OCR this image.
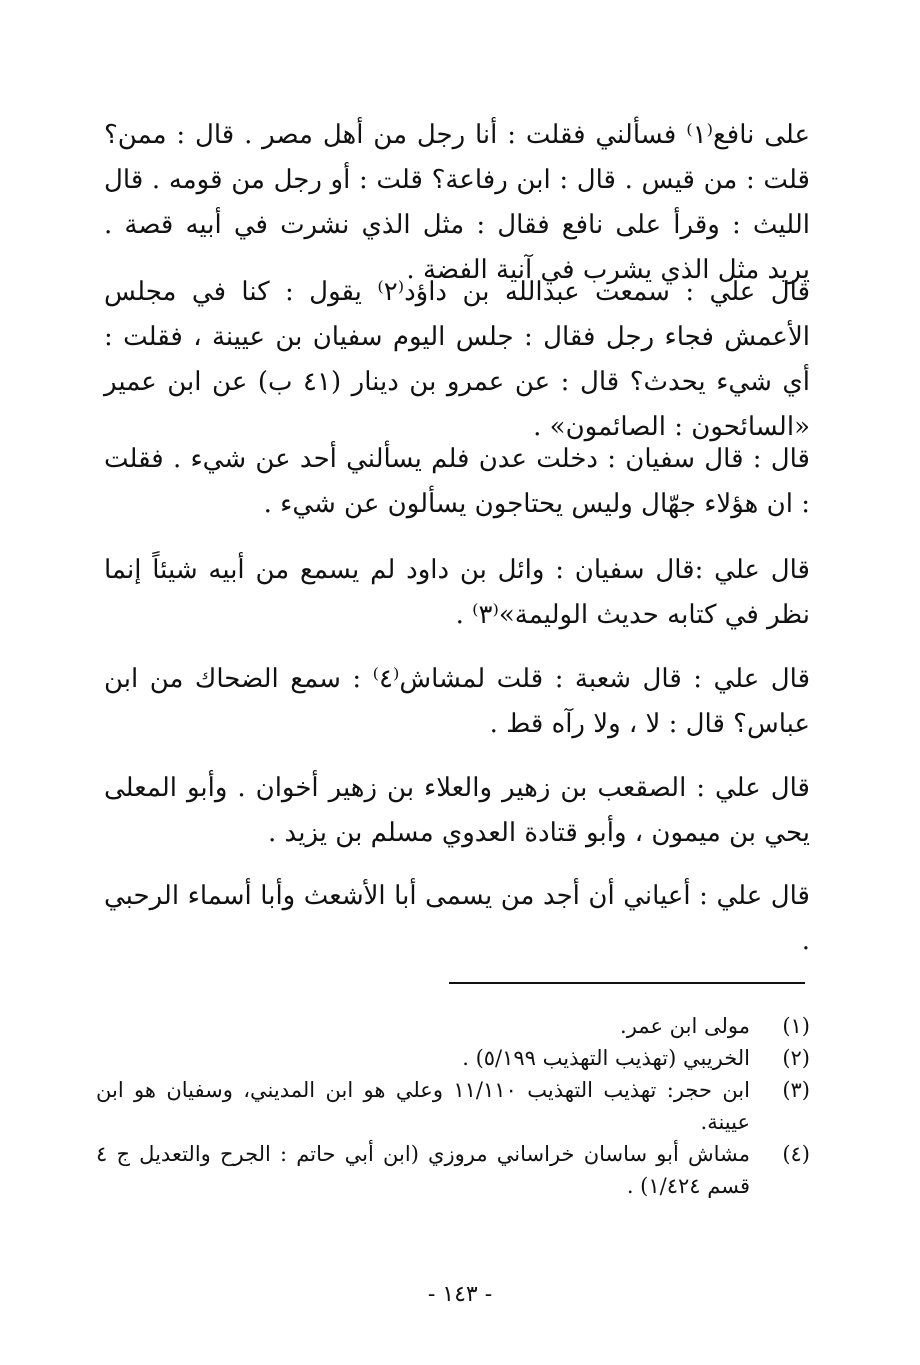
على نافع⁽١⁾ فسألني فقلت : أنا رجل من أهل مصر . قال : ممن؟ قلت : من قيس . قال : ابن رفاعة؟ قلت : أو رجل من قومه . قال الليث : وقرأ على نافع فقال : مثل الذي نشرت في أبيه قصة . يريد مثل الذي يشرب في آنية الفضة .

قال علي : سمعت عبدالله بن داؤد⁽٢⁾ يقول : كنا في مجلس الأعمش فجاء رجل فقال : جلس اليوم سفيان بن عيينة ، فقلت : أي شيء يحدث؟ قال : عن عمرو بن دينار (٤١ ب) عن ابن عمير «السائحون : الصائمون» .

قال : قال سفيان : دخلت عدن فلم يسألني أحد عن شيء . فقلت : ان هؤلاء جهّال وليس يحتاجون يسألون عن شيء .

قال علي :قال سفيان : وائل بن داود لم يسمع من أبيه شيئاً إنما نظر في كتابه حديث الوليمة»⁽٣⁾ .

قال علي : قال شعبة : قلت لمشاش⁽٤⁾ : سمع الضحاك من ابن عباس؟ قال : لا ، ولا رآه قط .

قال علي : الصقعب بن زهير والعلاء بن زهير أخوان . وأبو المعلى يحي بن ميمون ، وأبو قتادة العدوي مسلم بن يزيد .

قال علي : أعياني أن أجد من يسمى أبا الأشعث وأبا أسماء الرحبي .

(١)
مولى ابن عمر.
(٢)
الخريبي (تهذيب التهذيب ٥/١٩٩) .
(٣)
ابن حجر: تهذيب التهذيب ١١/١١٠ وعلي هو ابن المديني، وسفيان هو ابن عيينة.
(٤)
مشاش أبو ساسان خراساني مروزي (ابن أبي حاتم : الجرح والتعديل ج ٤ قسم ١/٤٢٤) .
- ١٤٣ -
